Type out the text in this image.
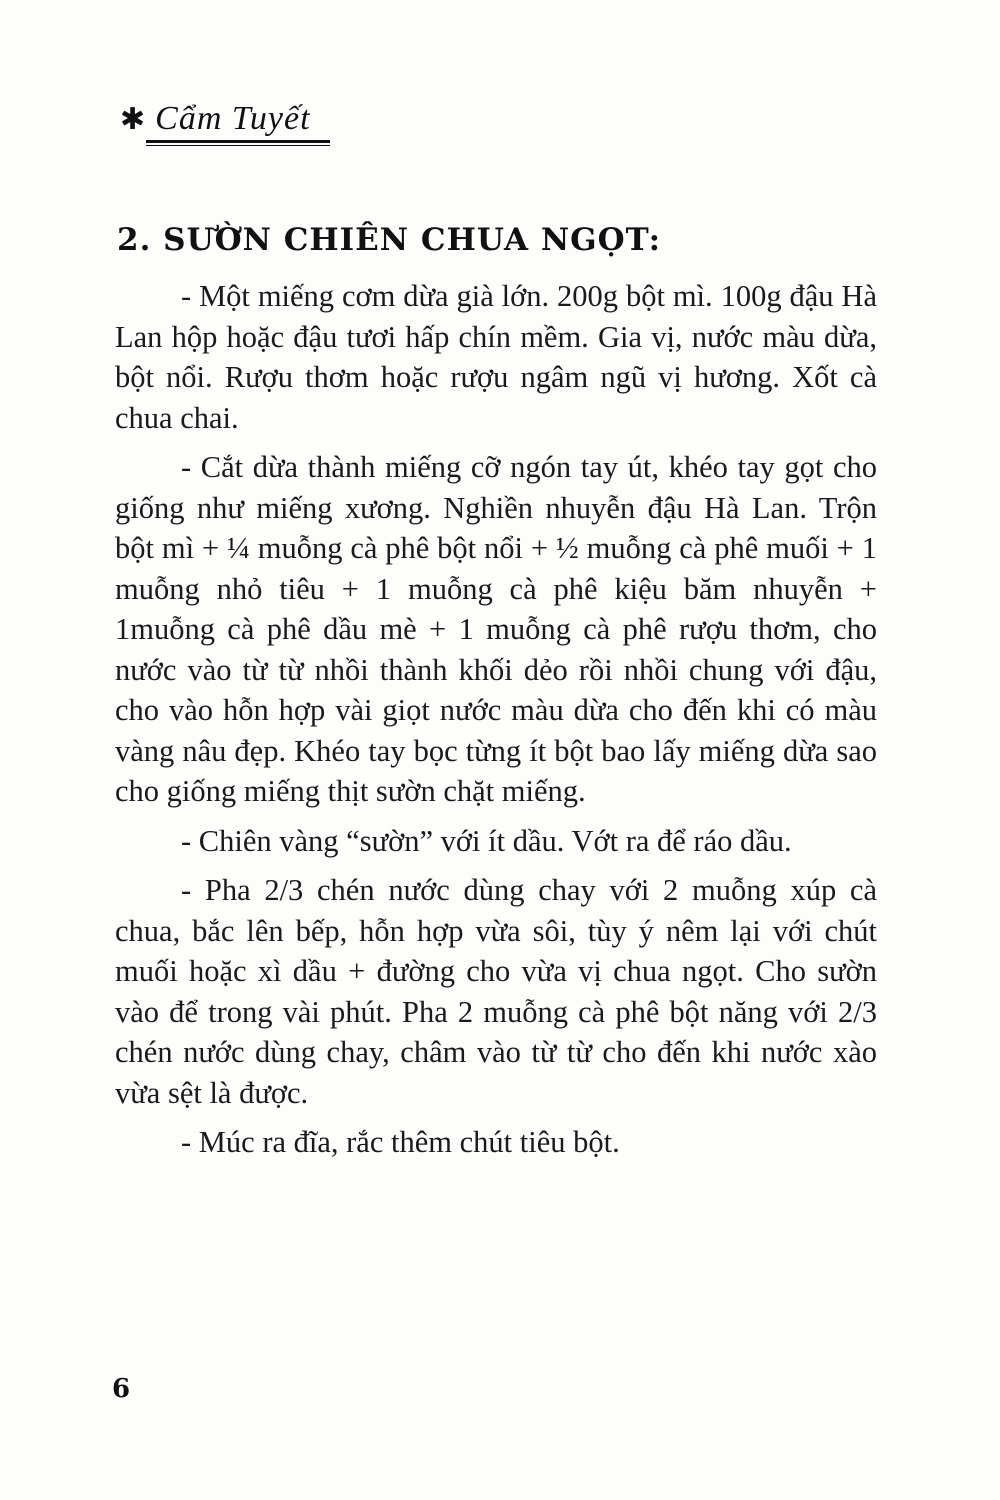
✱ Cẩm Tuyết
2. SƯỜN CHIÊN CHUA NGỌT:

- Một miếng cơm dừa già lớn. 200g bột mì. 100g đậu Hà Lan hộp hoặc đậu tươi hấp chín mềm. Gia vị, nước màu dừa, bột nổi. Rượu thơm hoặc rượu ngâm ngũ vị hương. Xốt cà chua chai.

- Cắt dừa thành miếng cỡ ngón tay út, khéo tay gọt cho giống như miếng xương. Nghiền nhuyễn đậu Hà Lan. Trộn bột mì + ¼ muỗng cà phê bột nổi + ½ muỗng cà phê muối + 1 muỗng nhỏ tiêu + 1 muỗng cà phê kiệu băm nhuyễn + 1muỗng cà phê dầu mè + 1 muỗng cà phê rượu thơm, cho nước vào từ từ nhồi thành khối dẻo rồi nhồi chung với đậu, cho vào hỗn hợp vài giọt nước màu dừa cho đến khi có màu vàng nâu đẹp. Khéo tay bọc từng ít bột bao lấy miếng dừa sao cho giống miếng thịt sườn chặt miếng.

- Chiên vàng “sườn” với ít dầu. Vớt ra để ráo dầu.

- Pha 2/3 chén nước dùng chay với 2 muỗng xúp cà chua, bắc lên bếp, hỗn hợp vừa sôi, tùy ý nêm lại với chút muối hoặc xì dầu + đường cho vừa vị chua ngọt. Cho sườn vào để trong vài phút. Pha 2 muỗng cà phê bột năng với 2/3 chén nước dùng chay, châm vào từ từ cho đến khi nước xào vừa sệt là được.

- Múc ra đĩa, rắc thêm chút tiêu bột.

6
